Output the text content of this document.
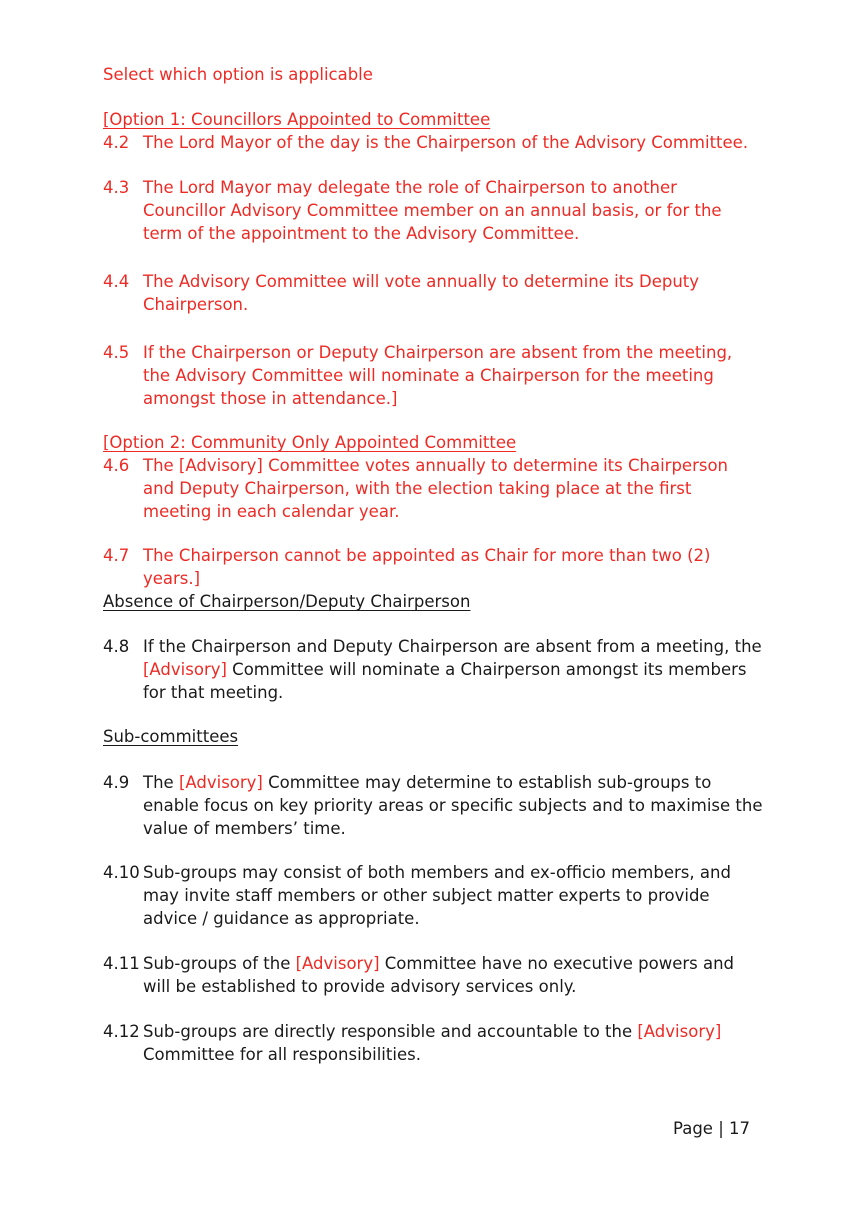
Select which option is applicable
[Option 1: Councillors Appointed to Committee
4.2 The Lord Mayor of the day is the Chairperson of the Advisory Committee.
4.3 The Lord Mayor may delegate the role of Chairperson to another Councillor Advisory Committee member on an annual basis, or for the term of the appointment to the Advisory Committee.
4.4 The Advisory Committee will vote annually to determine its Deputy Chairperson.
4.5 If the Chairperson or Deputy Chairperson are absent from the meeting, the Advisory Committee will nominate a Chairperson for the meeting amongst those in attendance.]
[Option 2: Community Only Appointed Committee
4.6 The [Advisory] Committee votes annually to determine its Chairperson and Deputy Chairperson, with the election taking place at the first meeting in each calendar year.
4.7 The Chairperson cannot be appointed as Chair for more than two (2) years.]
Absence of Chairperson/Deputy Chairperson
4.8 If the Chairperson and Deputy Chairperson are absent from a meeting, the [Advisory] Committee will nominate a Chairperson amongst its members for that meeting.
Sub-committees
4.9 The [Advisory] Committee may determine to establish sub-groups to enable focus on key priority areas or specific subjects and to maximise the value of members’ time.
4.10 Sub-groups may consist of both members and ex-officio members, and may invite staff members or other subject matter experts to provide advice / guidance as appropriate.
4.11 Sub-groups of the [Advisory] Committee have no executive powers and will be established to provide advisory services only.
4.12 Sub-groups are directly responsible and accountable to the [Advisory] Committee for all responsibilities.
Page | 17
